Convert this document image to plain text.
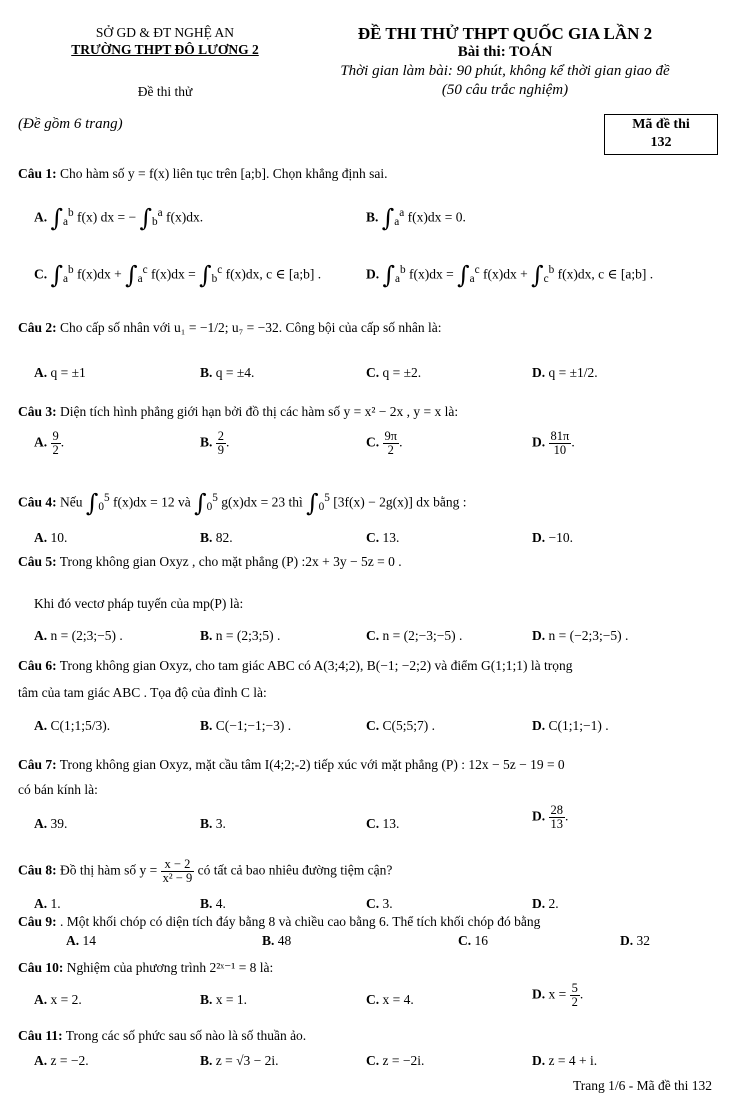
SỞ GD & ĐT NGHỆ AN
TRƯỜNG THPT ĐÔ LƯƠNG 2
Đề thi thử
ĐỀ THI THỬ THPT QUỐC GIA LẦN 2
Bài thi: TOÁN
Thời gian làm bài: 90 phút, không kể thời gian giao đề
(50 câu trắc nghiệm)
(Đề gồm 6 trang)	Mã đề thi
132
Câu 1: Cho hàm số y = f(x) liên tục trên [a;b]. Chọn khẳng định sai.
A. $\int_a^b$ f(x) dx = − $\int_b^a$ f(x)dx.	B. $\int_a^a$ f(x)dx = 0.
C. $\int_a^b$ $f(x)dx + \int_a^c$ $f(x)dx = \int_b^c$ f(x)dx, c ∈ [a;b] .	D. $\int_a^b$ $f(x)dx = \int_a^c$ $f(x)dx + \int_c^b$ f(x)dx, c ∈ [a;b] .
Câu 2: Cho cấp số nhân với u₁ = −1/2; u₇ = −32. Công bội của cấp số nhân là:
A. q = ±1	B. q = ±4.	C. q = ±2.	D. q = ±1/2.
Câu 3: Diện tích hình phẳng giới hạn bởi đồ thị các hàm số y = x² − 2x , y = x là:
A. $\frac{9}{2}$ .	B. $\frac{2}{9}$ .	C. $\frac{9\pi}{2}$ .	D. $\frac{81\pi}{10}$ .
Câu 4: Nếu $\int_0^5$ f(x)dx = 12 và $\int_0^5$ g(x)dx = 23 thì $\int_0^5$ [3f(x) − 2g(x)] dx bằng :
A. 10.	B. 82.	C. 13.	D. −10.
Câu 5: Trong không gian Oxyz , cho mặt phẳng (P) :2x + 3y − 5z = 0 .
Khi đó vectơ pháp tuyến của mp(P) là:
A. n = (2;3;−5) .	B. n = (2;3;5) .	C. n = (2;−3;−5) .	D. n = (−2;3;−5) .
Câu 6: Trong không gian Oxyz, cho tam giác ABC có A(3;4;2), B(−1; −2;2) và điểm G(1;1;1) là trọng
tâm của tam giác ABC . Tọa độ của đỉnh C là:
A. C(1;1;5/3).	B. C(−1;−1;−3) .	C. C(5;5;7) .	D. C(1;1;−1) .
Câu 7: Trong không gian Oxyz, mặt cầu tâm I(4;2;-2) tiếp xúc với mặt phẳng (P) : 12x − 5z − 19 = 0
có bán kính là:
A. 39.	B. 3.	C. 13.	D. $\frac{28}{13}$ .
Câu 8: Đồ thị hàm số $y = \frac{x - 2}{\text{x² − 9}}$ có tất cả bao nhiêu đường tiệm cận?
A. 1.	B. 4.	C. 3.	D. 2.
Câu 9: . Một khối chóp có diện tích đáy bằng 8 và chiều cao bằng 6. Thể tích khối chóp đó bằng
A. 14	B. 48	C. 16	D. 32
Câu 10: Nghiệm của phương trình 2²ˣ⁻¹ = 8 là:
A. x = 2.	B. x = 1.	C. x = 4.	D. $x = \frac{5}{2}$ .
Câu 11: Trong các số phức sau số nào là số thuần ảo.
A. z = −2.	B. z = √3 − 2i.	C. z = −2i.	D. z = 4 + i.
Trang 1/6 - Mã đề thi 132
